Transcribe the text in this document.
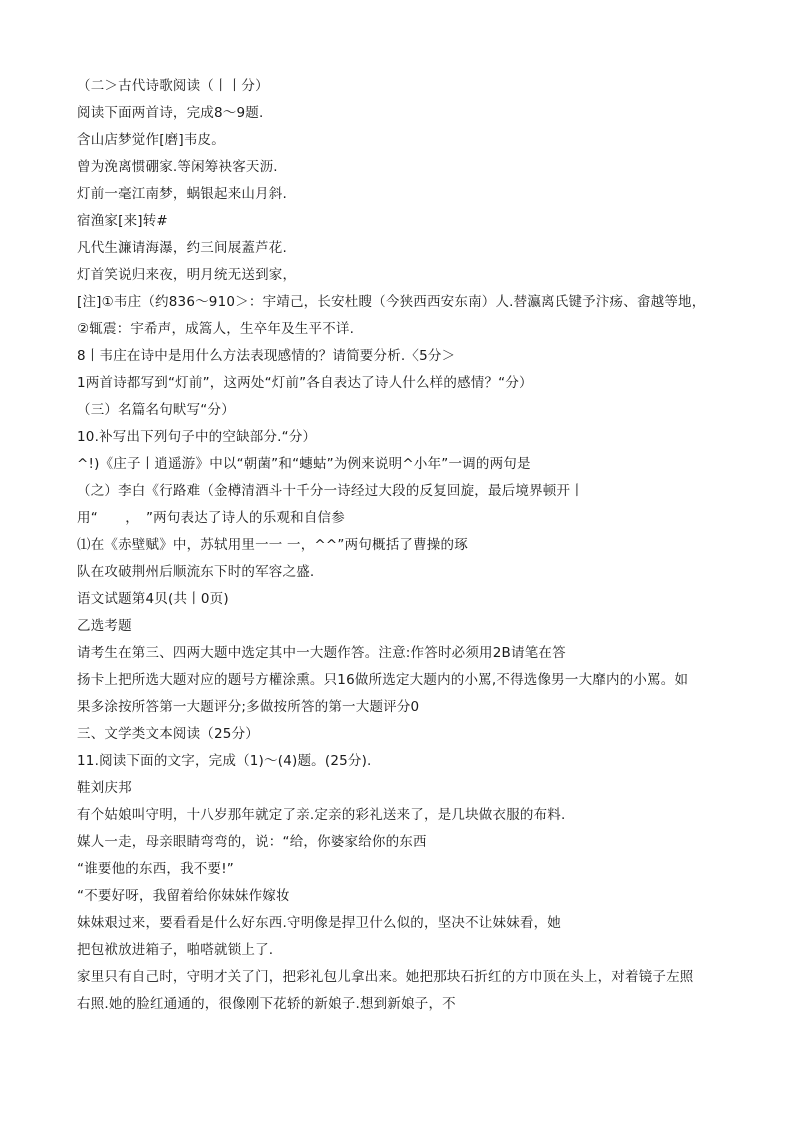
（二＞古代诗歌阅读（丨丨分）
阅读下面两首诗，完成8〜9题.
含山店梦觉作[磨]韦皮。
曾为浼离惯硼家.等闲筹袂客天沥.
灯前一毫江南梦，蜗银起来山月斜.
宿渔家[来]转#
凡代生濂请海瀑，约三间展蓋芦花.
灯首笑说归来夜，明月统无送到家，
[注]①韦庄（约836〜910＞：宇靖己，长安杜瞍（今狭西西安东南）人.替瀛离氏键予汴疡、畲越等地，
②辄震：宇希声，成篙人，生卒年及生平不详.
8丨韦庄在诗中是用什么方法表现感情的？请简要分析.〈5分＞
1两首诗都写到“灯前”，这两处“灯前”各自表达了诗人什么样的感情？“分）
（三）名篇名句畎写“分）
10.补写出下列句子中的空缺部分.“分）
^!)《庄子丨逍遥游》中以“朝菌”和“蟪蛄”为例来说明^小年”一调的两句是
（之）李白《行路难（金樽清酒斗十千分一诗经过大段的反复回旋，最后境界顿开丨
用“　　，　”两句表达了诗人的乐观和自信参
⑴在《赤壁赋》中，苏轼用里一一 一，^^”两句概括了曹操的琢
队在攻破荆州后顺流东下时的军容之盛.
语文试题第4贝(共丨0页)
乙选考题
请考生在第三、四两大题中选定其中一大题作答。注意:作答时必须用2B请笔在答
扬卡上把所选大题对应的题号方權涂熏。只16做所选定大题内的小罵,不得选像男一大靡内的小罵。如
果多涂按所答第一大题评分;多做按所答的第一大题评分0
三、文学类文本阅读（25分）
11.阅读下面的文字，完成（1)〜(4)题。(25分).
鞋刘庆邦
有个姑娘叫守明，十八岁那年就定了亲.定亲的彩礼送来了，是几块做衣服的布料.
媒人一走，母亲眼睛弯弯的，说：“给，你婆家给你的东西
“谁要他的东西，我不要!”
“不要好呀，我留着给你妹妹作嫁妆
妹妹艰过来，要看看是什么好东西.守明像是捍卫什么似的，坚决不让妹妹看，她
把包袱放进箱子，啪嗒就锁上了.
家里只有自己时，守明才关了门，把彩礼包儿拿出来。她把那块石折红的方巾顶在头上，对着镜子左照
右照.她的脸红通通的，很像刚下花轿的新娘子.想到新娘子，不
